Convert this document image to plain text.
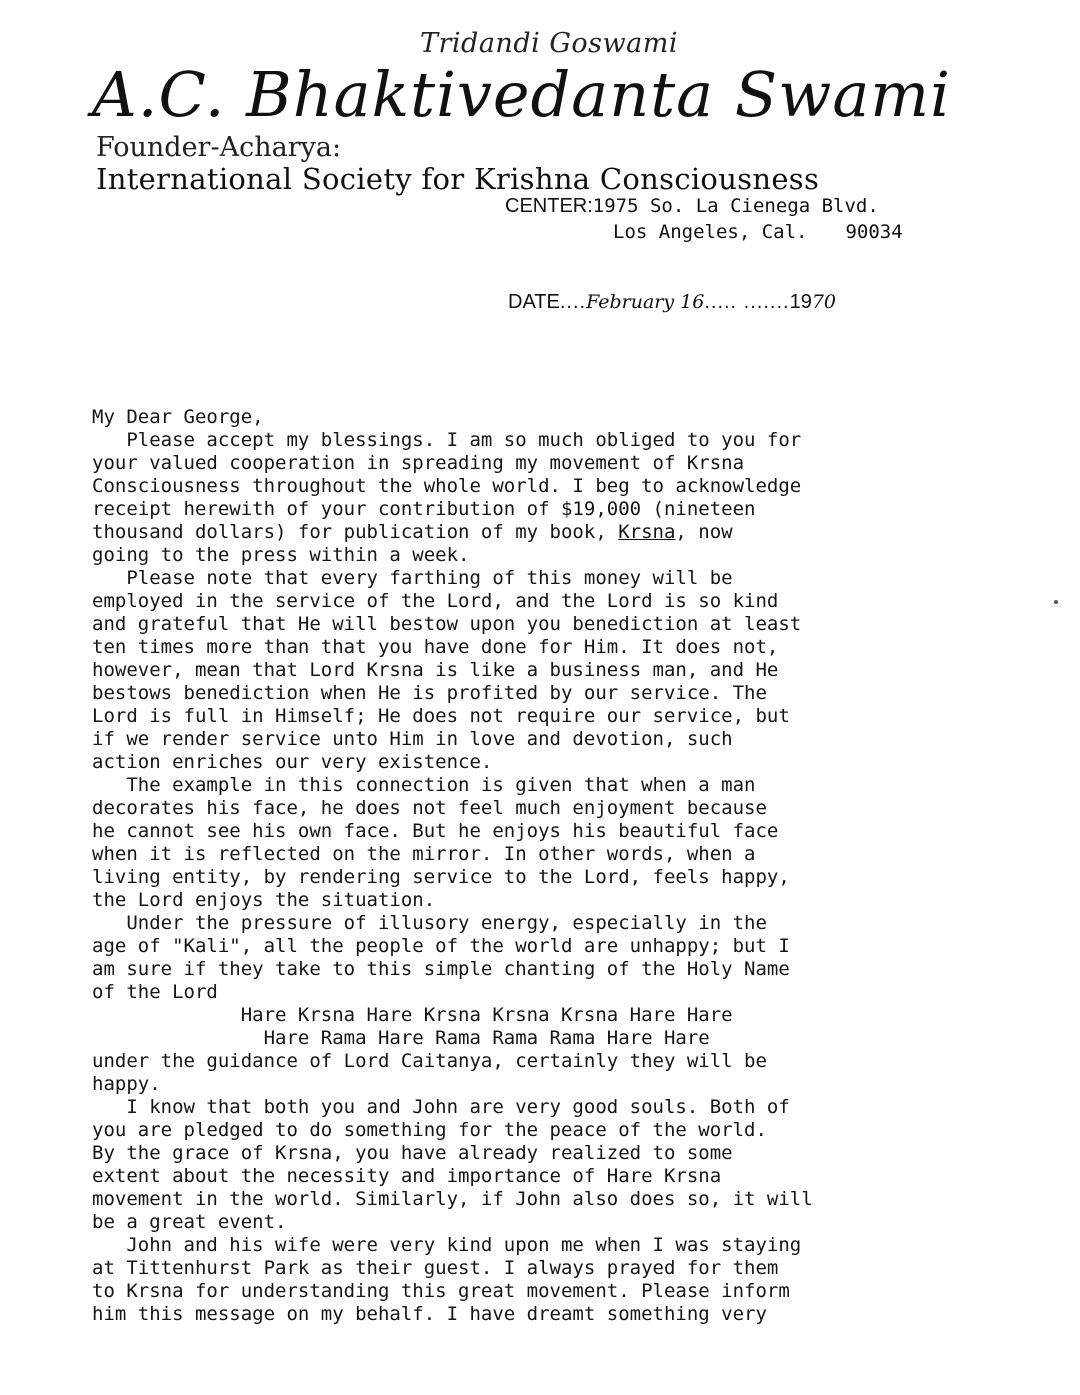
Tridandi Goswami
A.C. Bhaktivedanta Swami
Founder-Acharya:
International Society for Krishna Consciousness
CENTER:1975 So. La Cienega Blvd.
Los Angeles, Cal. 90034
DATE....February 16..... .......1970
My Dear George,
Please accept my blessings. I am so much obliged to you for
your valued cooperation in spreading my movement of Krsna
Consciousness throughout the whole world. I beg to acknowledge
receipt herewith of your contribution of $19,000 (nineteen
thousand dollars) for publication of my book, Krsna, now
going to the press within a week.
Please note that every farthing of this money will be
employed in the service of the Lord, and the Lord is so kind
and grateful that He will bestow upon you benediction at least
ten times more than that you have done for Him. It does not,
however, mean that Lord Krsna is like a business man, and He
bestows benediction when He is profited by our service. The
Lord is full in Himself; He does not require our service, but
if we render service unto Him in love and devotion, such
action enriches our very existence.
The example in this connection is given that when a man
decorates his face, he does not feel much enjoyment because
he cannot see his own face. But he enjoys his beautiful face
when it is reflected on the mirror. In other words, when a
living entity, by rendering service to the Lord, feels happy,
the Lord enjoys the situation.
Under the pressure of illusory energy, especially in the
age of "Kali", all the people of the world are unhappy; but I
am sure if they take to this simple chanting of the Holy Name
of the Lord
Hare Krsna Hare Krsna Krsna Krsna Hare Hare
Hare Rama Hare Rama Rama Rama Hare Hare
under the guidance of Lord Caitanya, certainly they will be
happy.
I know that both you and John are very good souls. Both of
you are pledged to do something for the peace of the world.
By the grace of Krsna, you have already realized to some
extent about the necessity and importance of Hare Krsna
movement in the world. Similarly, if John also does so, it will
be a great event.
John and his wife were very kind upon me when I was staying
at Tittenhurst Park as their guest. I always prayed for them
to Krsna for understanding this great movement. Please inform
him this message on my behalf. I have dreamt something very
